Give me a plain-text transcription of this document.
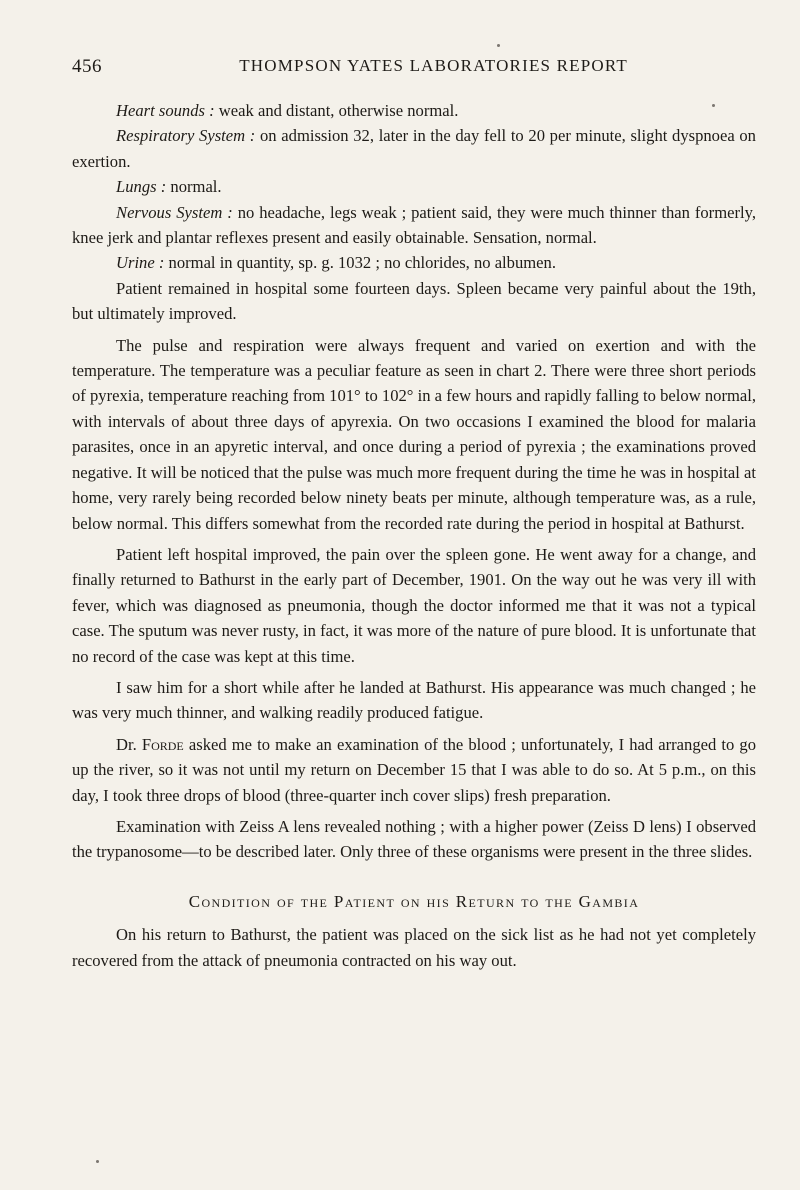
456	THOMPSON YATES LABORATORIES REPORT

Heart sounds : weak and distant, otherwise normal.

Respiratory System : on admission 32, later in the day fell to 20 per minute, slight dyspnoea on exertion.

Lungs : normal.

Nervous System : no headache, legs weak ; patient said, they were much thinner than formerly, knee jerk and plantar reflexes present and easily obtainable. Sensation, normal.

Urine : normal in quantity, sp. g. 1032 ; no chlorides, no albumen.

Patient remained in hospital some fourteen days. Spleen became very painful about the 19th, but ultimately improved.

The pulse and respiration were always frequent and varied on exertion and with the temperature. The temperature was a peculiar feature as seen in chart 2. There were three short periods of pyrexia, temperature reaching from 101° to 102° in a few hours and rapidly falling to below normal, with intervals of about three days of apyrexia. On two occasions I examined the blood for malaria parasites, once in an apyretic interval, and once during a period of pyrexia ; the examinations proved negative. It will be noticed that the pulse was much more frequent during the time he was in hospital at home, very rarely being recorded below ninety beats per minute, although temperature was, as a rule, below normal. This differs somewhat from the recorded rate during the period in hospital at Bathurst.

Patient left hospital improved, the pain over the spleen gone. He went away for a change, and finally returned to Bathurst in the early part of December, 1901. On the way out he was very ill with fever, which was diagnosed as pneumonia, though the doctor informed me that it was not a typical case. The sputum was never rusty, in fact, it was more of the nature of pure blood. It is unfortunate that no record of the case was kept at this time.

I saw him for a short while after he landed at Bathurst. His appearance was much changed ; he was very much thinner, and walking readily produced fatigue.

Dr. Forde asked me to make an examination of the blood ; unfortunately, I had arranged to go up the river, so it was not until my return on December 15 that I was able to do so. At 5 p.m., on this day, I took three drops of blood (three-quarter inch cover slips) fresh preparation.

Examination with Zeiss A lens revealed nothing ; with a higher power (Zeiss D lens) I observed the trypanosome—to be described later. Only three of these organisms were present in the three slides.

Condition of the Patient on his Return to the Gambia

On his return to Bathurst, the patient was placed on the sick list as he had not yet completely recovered from the attack of pneumonia contracted on his way out.
